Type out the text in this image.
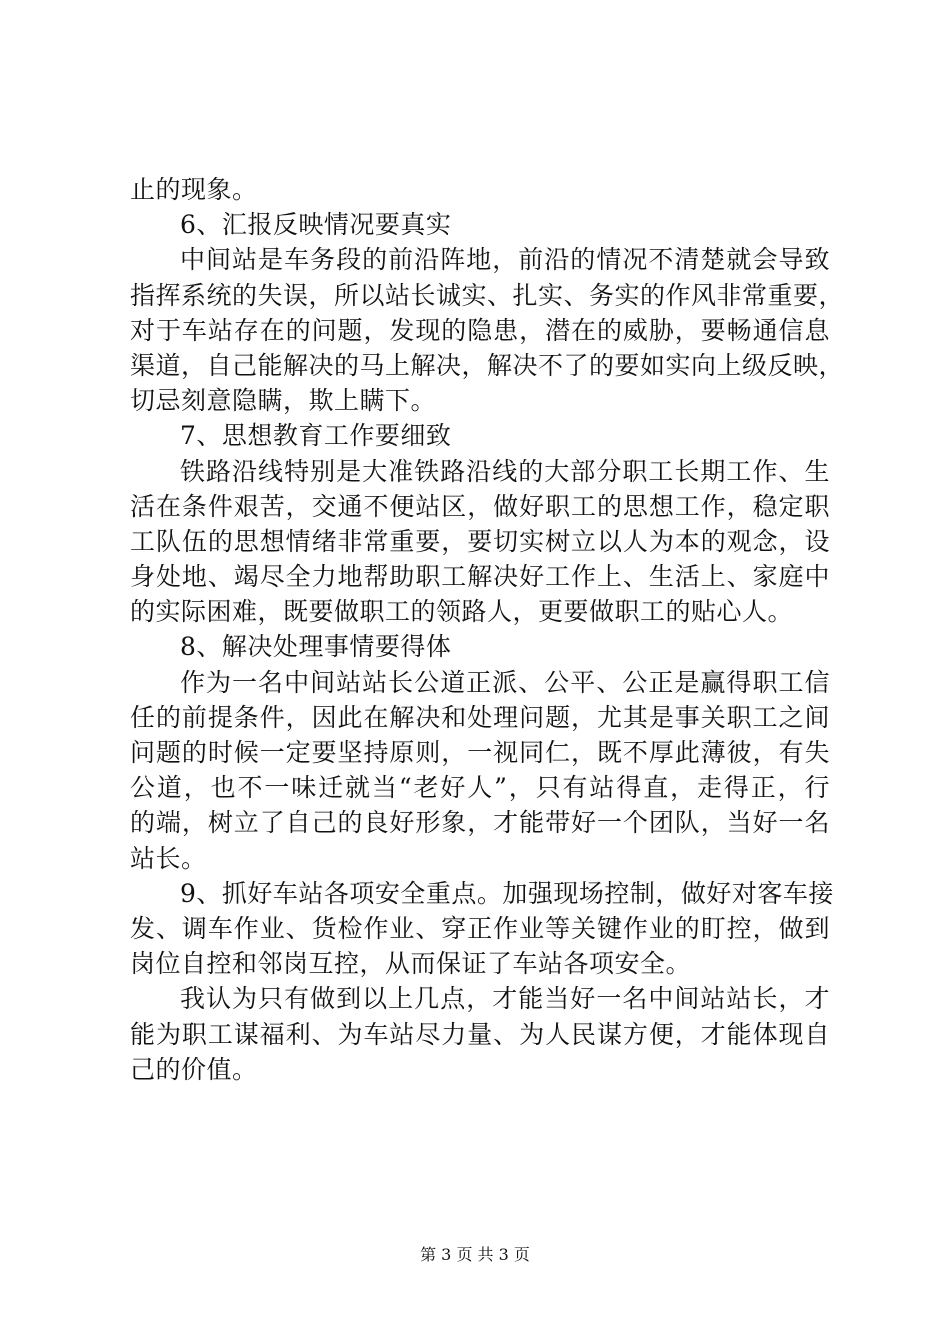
止的现象。
6、汇报反映情况要真实
中间站是车务段的前沿阵地，前沿的情况不清楚就会导致
指挥系统的失误，所以站长诚实、扎实、务实的作风非常重要，
对于车站存在的问题，发现的隐患，潜在的威胁，要畅通信息
渠道，自己能解决的马上解决，解决不了的要如实向上级反映，
切忌刻意隐瞒，欺上瞒下。
7、思想教育工作要细致
铁路沿线特别是大准铁路沿线的大部分职工长期工作、生
活在条件艰苦，交通不便站区，做好职工的思想工作，稳定职
工队伍的思想情绪非常重要，要切实树立以人为本的观念，设
身处地、竭尽全力地帮助职工解决好工作上、生活上、家庭中
的实际困难，既要做职工的领路人，更要做职工的贴心人。
8、解决处理事情要得体
作为一名中间站站长公道正派、公平、公正是赢得职工信
任的前提条件，因此在解决和处理问题，尤其是事关职工之间
问题的时候一定要坚持原则，一视同仁，既不厚此薄彼，有失
公道，也不一味迁就当“老好人”，只有站得直，走得正，行
的端，树立了自己的良好形象，才能带好一个团队，当好一名
站长。
9、抓好车站各项安全重点。加强现场控制，做好对客车接
发、调车作业、货检作业、穿正作业等关键作业的盯控，做到
岗位自控和邻岗互控，从而保证了车站各项安全。
我认为只有做到以上几点，才能当好一名中间站站长，才
能为职工谋福利、为车站尽力量、为人民谋方便，才能体现自
己的价值。
第 3 页 共 3 页
